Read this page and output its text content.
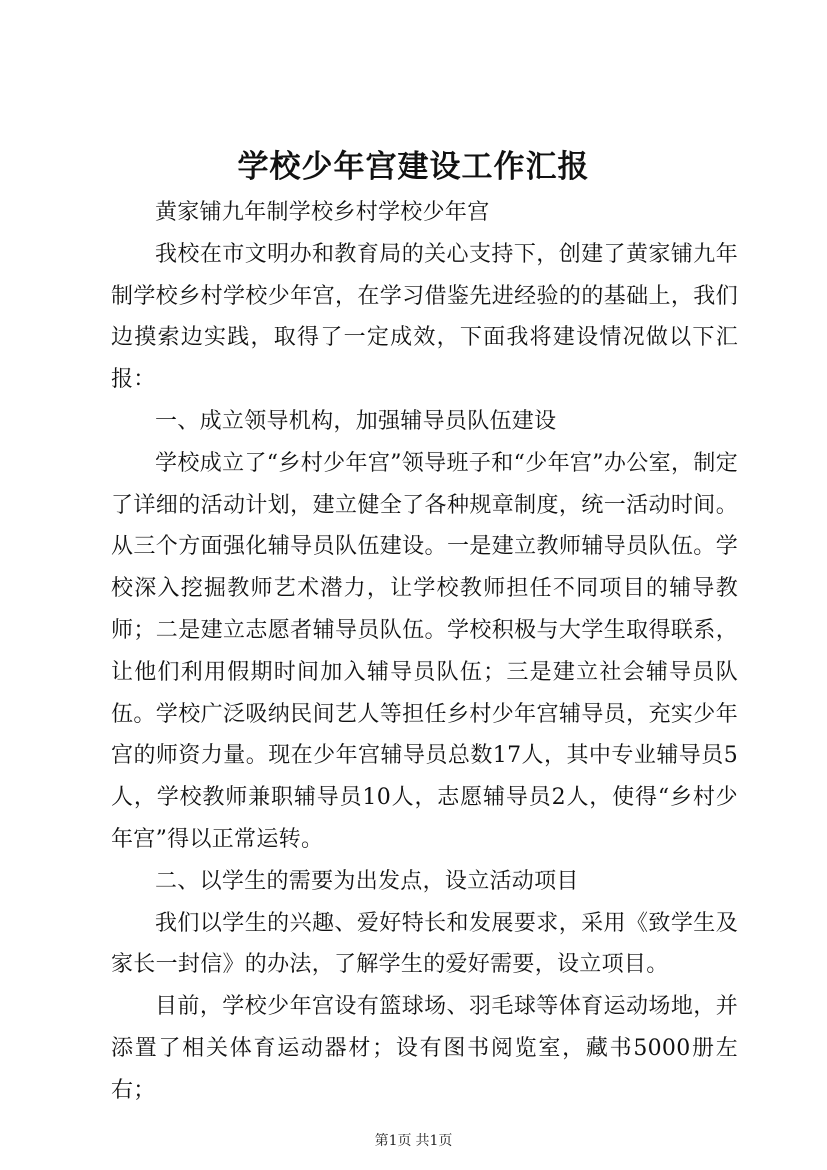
学校少年宫建设工作汇报

黄家铺九年制学校乡村学校少年宫

我校在市文明办和教育局的关心支持下，创建了黄家铺九年制学校乡村学校少年宫，在学习借鉴先进经验的的基础上，我们边摸索边实践，取得了一定成效，下面我将建设情况做以下汇报：

一、成立领导机构，加强辅导员队伍建设

学校成立了“乡村少年宫”领导班子和“少年宫”办公室，制定了详细的活动计划，建立健全了各种规章制度，统一活动时间。从三个方面强化辅导员队伍建设。一是建立教师辅导员队伍。学校深入挖掘教师艺术潜力，让学校教师担任不同项目的辅导教师；二是建立志愿者辅导员队伍。学校积极与大学生取得联系，让他们利用假期时间加入辅导员队伍；三是建立社会辅导员队伍。学校广泛吸纳民间艺人等担任乡村少年宫辅导员，充实少年宫的师资力量。现在少年宫辅导员总数17人，其中专业辅导员5人，学校教师兼职辅导员10人，志愿辅导员2人，使得“乡村少年宫”得以正常运转。

二、以学生的需要为出发点，设立活动项目

我们以学生的兴趣、爱好特长和发展要求，采用《致学生及家长一封信》的办法，了解学生的爱好需要，设立项目。

目前，学校少年宫设有篮球场、羽毛球等体育运动场地，并添置了相关体育运动器材；设有图书阅览室，藏书5000册左右；

第1页 共1页
